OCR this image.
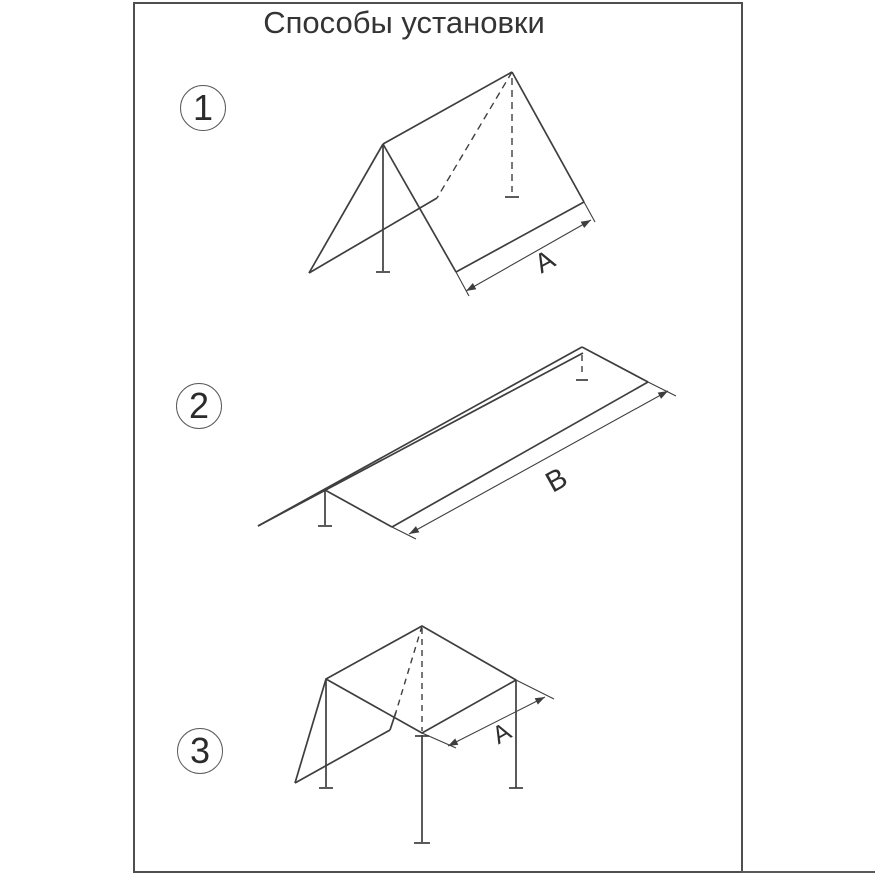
Способы установки
1
2
3
А
В
А
